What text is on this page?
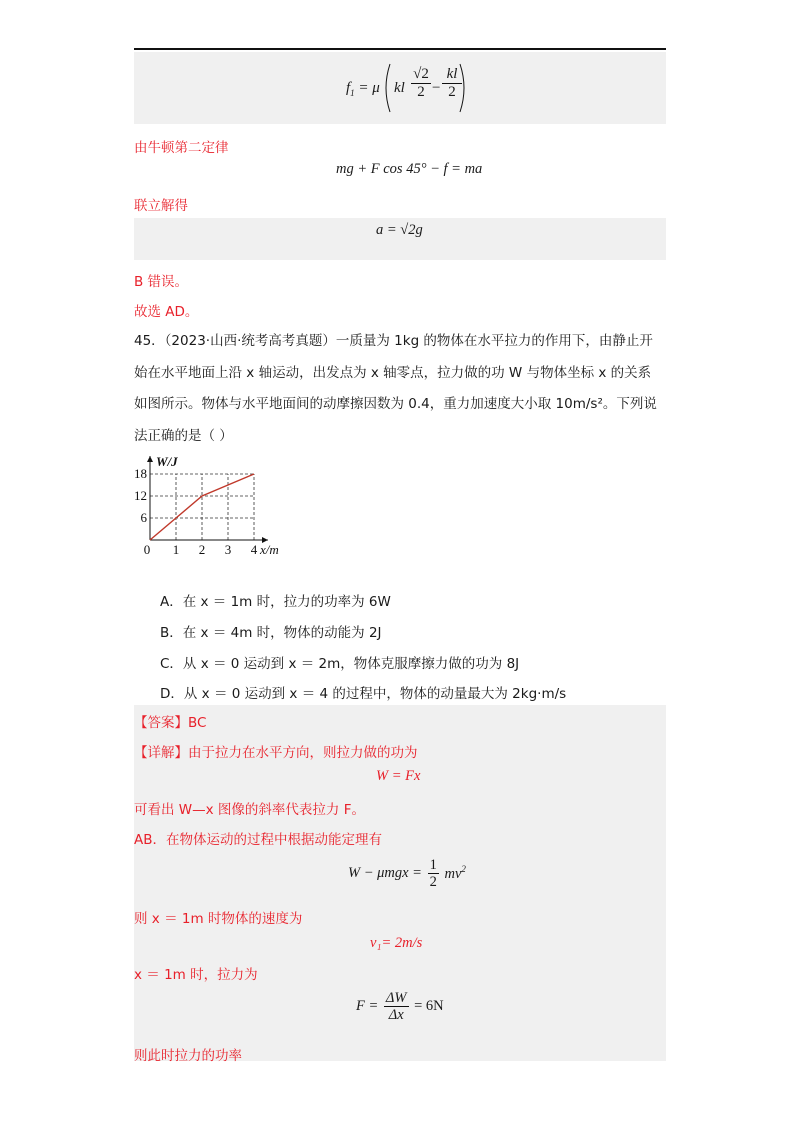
$f_1 = \mu$ kl
√2
2 −
kl
2
由牛顿第二定律
mg + F cos 45° − f = ma
联立解得
a = √2g
B 错误。
故选 AD。
45．（2023·山西·统考高考真题）一质量为 1kg 的物体在水平拉力的作用下，由静止开
始在水平地面上沿 x 轴运动，出发点为 x 轴零点，拉力做的功 W 与物体坐标 x 的关系
如图所示。物体与水平地面间的动摩擦因数为 0.4，重力加速度大小取 10m/s²。下列说
法正确的是（ ）
0 1 2 3 4
6
12
18
x/m
W/J
A．在 x ＝ 1m 时，拉力的功率为 6W
B．在 x ＝ 4m 时，物体的动能为 2J
C．从 x ＝ 0 运动到 x ＝ 2m，物体克服摩擦力做的功为 8J
D．从 x ＝ 0 运动到 x ＝ 4 的过程中，物体的动量最大为 2kg·m/s
【答案】BC
【详解】由于拉力在水平方向，则拉力做的功为
W = Fx
可看出 W—x 图像的斜率代表拉力 F。
AB．在物体运动的过程中根据动能定理有
$W - \mu mgx = \frac{1}{2} mv^2$
则 x ＝ 1m 时物体的速度为
v₁= 2m/s
x ＝ 1m 时，拉力为
$F = \frac{\Delta W}{\Delta x} = 6N$
则此时拉力的功率
